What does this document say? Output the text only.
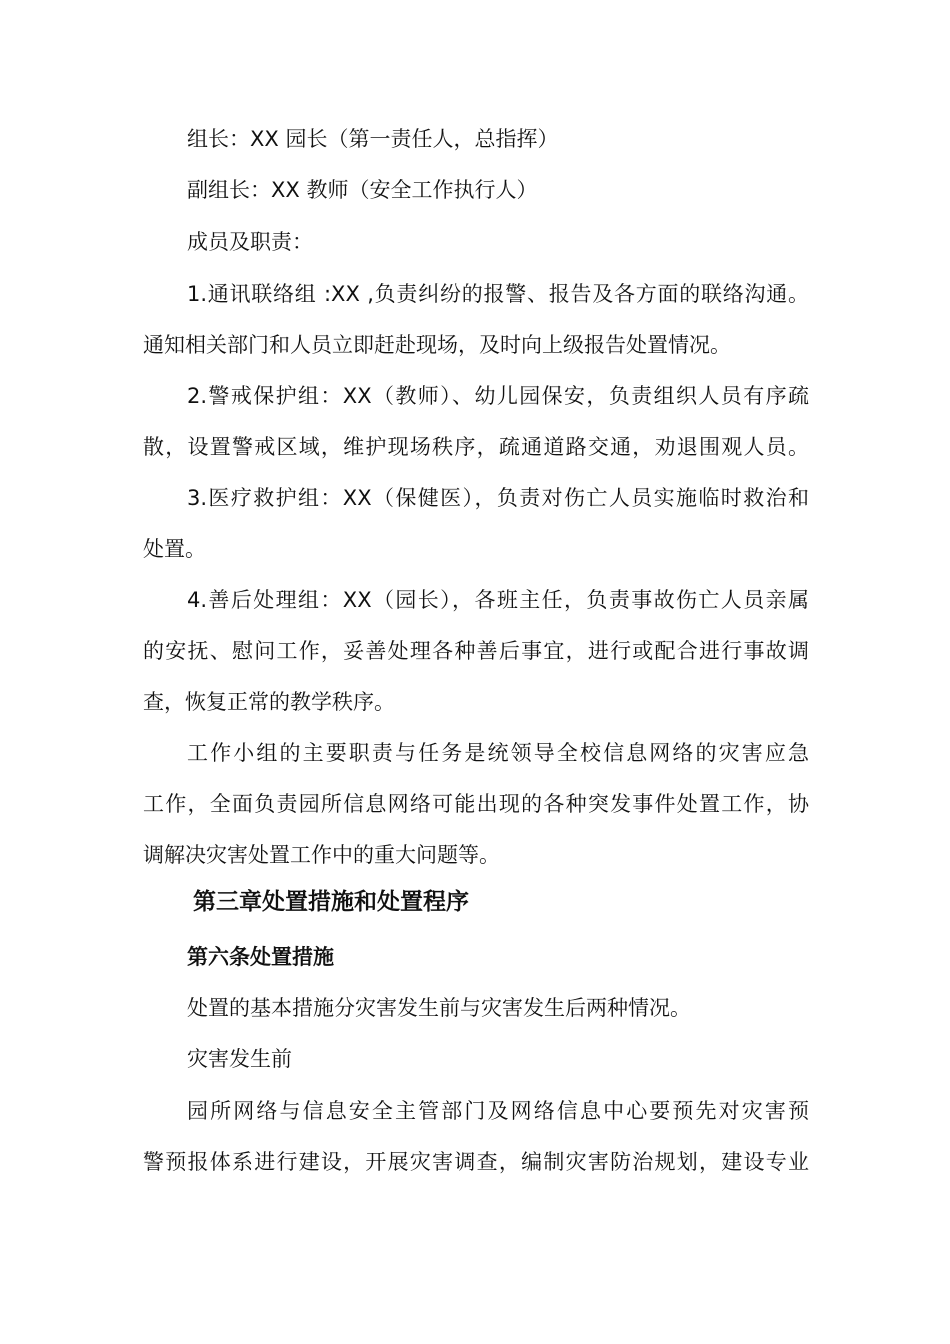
组长：XX 园长（第一责任人，总指挥）
副组长：XX 教师（安全工作执行人）
成员及职责：
1.通讯联络组 :XX ,负责纠纷的报警、报告及各方面的联络沟通。
通知相关部门和人员立即赶赴现场，及时向上级报告处置情况。
2.警戒保护组：XX（教师）、幼儿园保安，负责组织人员有序疏
散，设置警戒区域，维护现场秩序，疏通道路交通，劝退围观人员。
3.医疗救护组：XX（保健医），负责对伤亡人员实施临时救治和
处置。
4.善后处理组：XX（园长），各班主任，负责事故伤亡人员亲属
的安抚、慰问工作，妥善处理各种善后事宜，进行或配合进行事故调
查，恢复正常的教学秩序。
工作小组的主要职责与任务是统领导全校信息网络的灾害应急
工作，全面负责园所信息网络可能出现的各种突发事件处置工作，协
调解决灾害处置工作中的重大问题等。
第三章处置措施和处置程序
第六条处置措施
处置的基本措施分灾害发生前与灾害发生后两种情况。
灾害发生前
园所网络与信息安全主管部门及网络信息中心要预先对灾害预
警预报体系进行建设，开展灾害调查，编制灾害防治规划，建设专业
